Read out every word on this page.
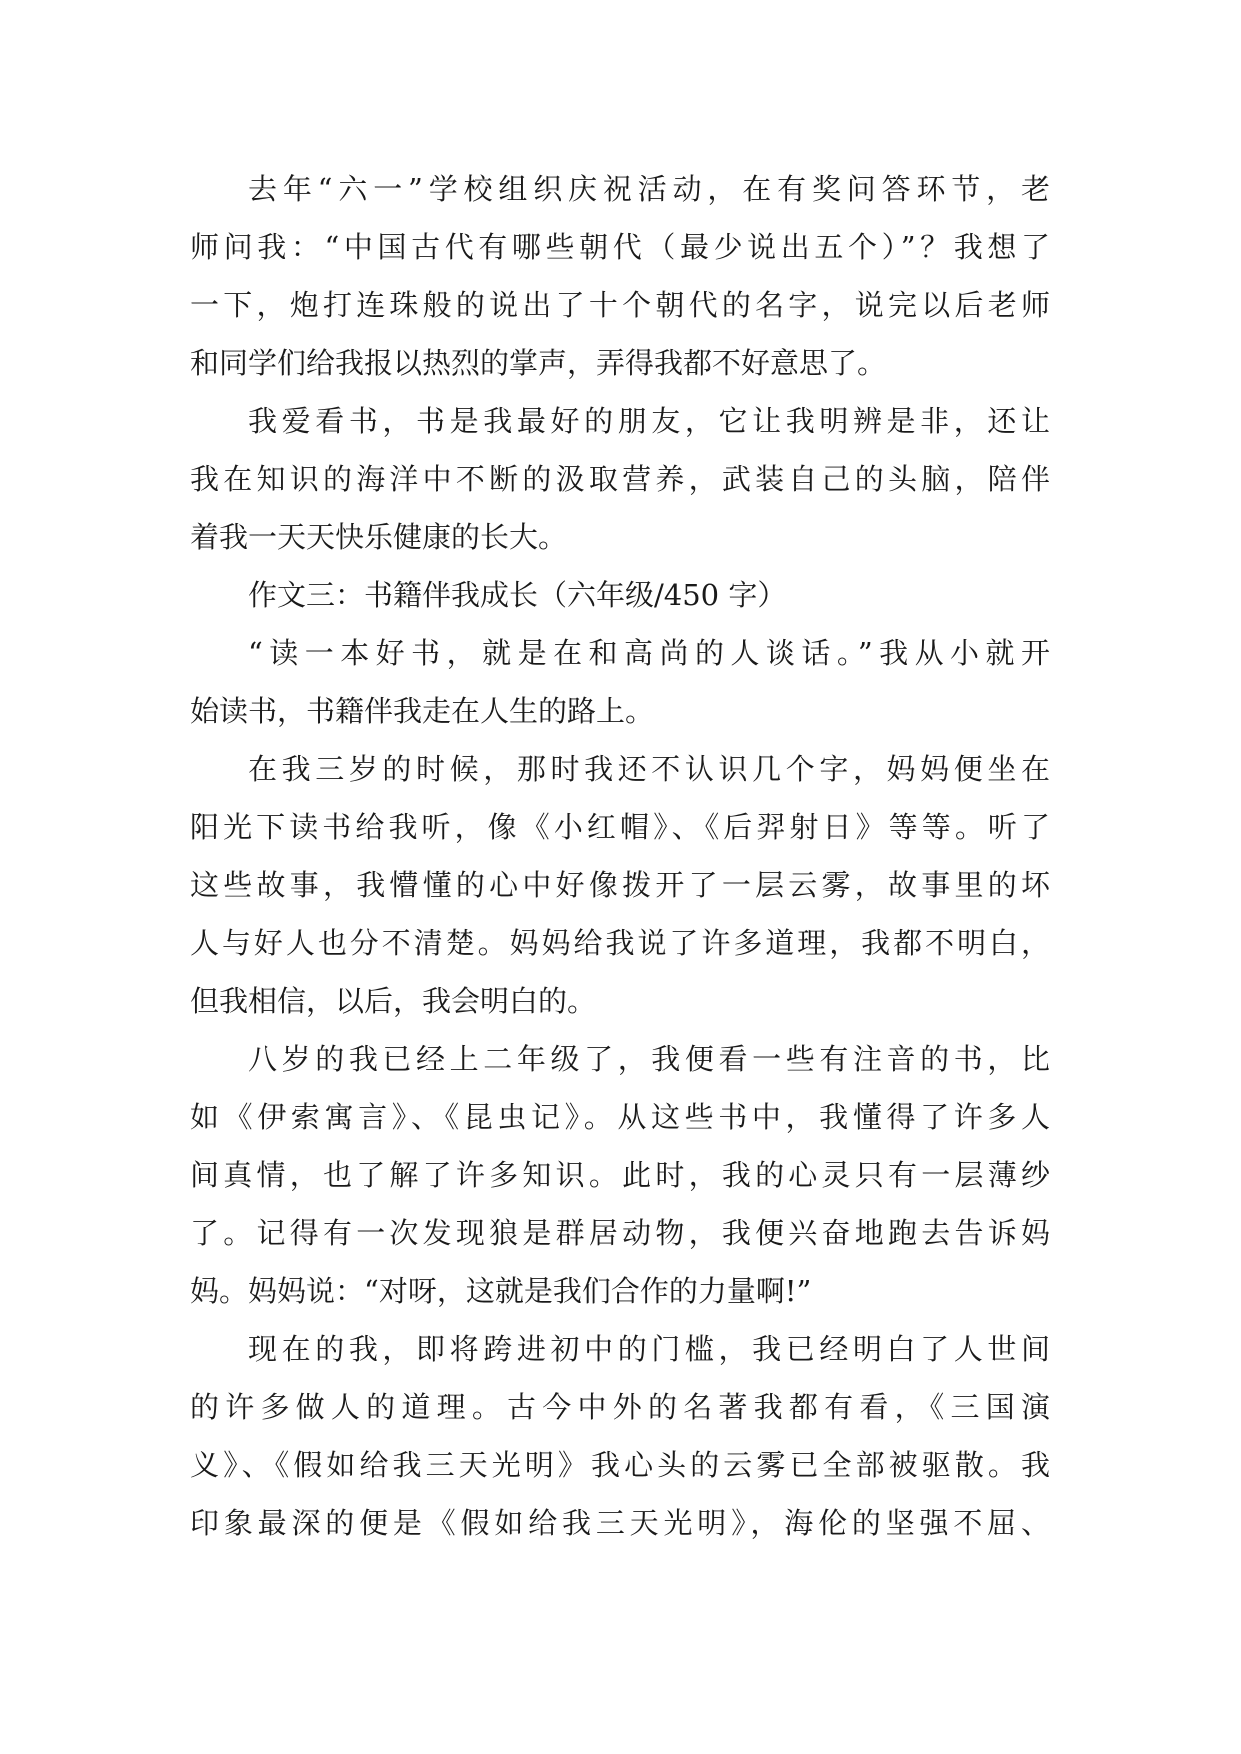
去年“六一”学校组织庆祝活动，在有奖问答环节，老
师问我：“中国古代有哪些朝代（最少说出五个）”？我想了
一下，炮打连珠般的说出了十个朝代的名字，说完以后老师
和同学们给我报以热烈的掌声，弄得我都不好意思了。
我爱看书，书是我最好的朋友，它让我明辨是非，还让
我在知识的海洋中不断的汲取营养，武装自己的头脑，陪伴
着我一天天快乐健康的长大。
作文三：书籍伴我成长（六年级/450 字）
“读一本好书，就是在和高尚的人谈话。”我从小就开
始读书，书籍伴我走在人生的路上。
在我三岁的时候，那时我还不认识几个字，妈妈便坐在
阳光下读书给我听，像《小红帽》、《后羿射日》等等。听了
这些故事，我懵懂的心中好像拨开了一层云雾，故事里的坏
人与好人也分不清楚。妈妈给我说了许多道理，我都不明白，
但我相信，以后，我会明白的。
八岁的我已经上二年级了，我便看一些有注音的书，比
如《伊索寓言》、《昆虫记》。从这些书中，我懂得了许多人
间真情，也了解了许多知识。此时，我的心灵只有一层薄纱
了。记得有一次发现狼是群居动物，我便兴奋地跑去告诉妈
妈。妈妈说：“对呀，这就是我们合作的力量啊!”
现在的我，即将跨进初中的门槛，我已经明白了人世间
的许多做人的道理。古今中外的名著我都有看，《三国演
义》、《假如给我三天光明》我心头的云雾已全部被驱散。我
印象最深的便是《假如给我三天光明》，海伦的坚强不屈、
